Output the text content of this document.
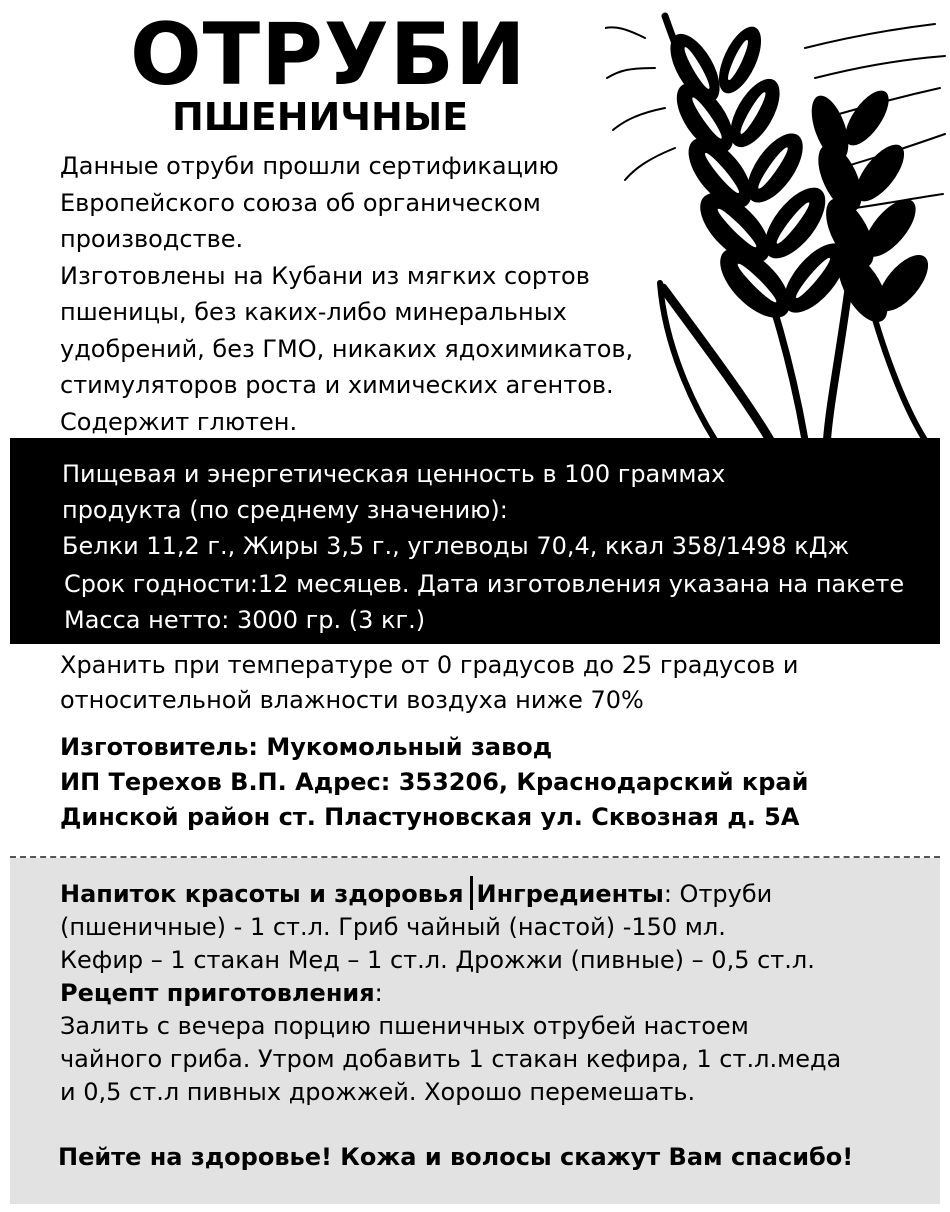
ОТРУБИ
ПШЕНИЧНЫЕ

Данные отруби прошли сертификацию

Европейского союза об органическом

производстве.

Изготовлены на Кубани из мягких сортов

пшеницы, без каких-либо минеральных

удобрений, без ГМО, никаких ядохимикатов,

стимуляторов роста и химических агентов.

Содержит глютен.

Пищевая и энергетическая ценность в 100 граммах

продукта (по среднему значению):

Белки 11,2 г., Жиры 3,5 г., углеводы 70,4, ккал 358/1498 кДж

Срок годности:12 месяцев. Дата изготовления указана на пакете

Масса нетто: 3000 гр. (3 кг.)

Хранить при температуре от 0 градусов до 25 градусов и

относительной влажности воздуха ниже 70%

Изготовитель: Мукомольный завод

ИП Терехов В.П. Адрес: 353206, Краснодарский край

Динской район ст. Пластуновская ул. Сквозная д. 5А

Напиток красоты и здоровья Ингредиенты: Отруби

(пшеничные) - 1 ст.л. Гриб чайный (настой) -150 мл.

Кефир – 1 стакан Мед – 1 ст.л. Дрожжи (пивные) – 0,5 ст.л.

Рецепт приготовления:

Залить с вечера порцию пшеничных отрубей настоем

чайного гриба. Утром добавить 1 стакан кефира, 1 ст.л.меда

и 0,5 ст.л пивных дрожжей. Хорошо перемешать.

Пейте на здоровье! Кожа и волосы скажут Вам спасибо!
